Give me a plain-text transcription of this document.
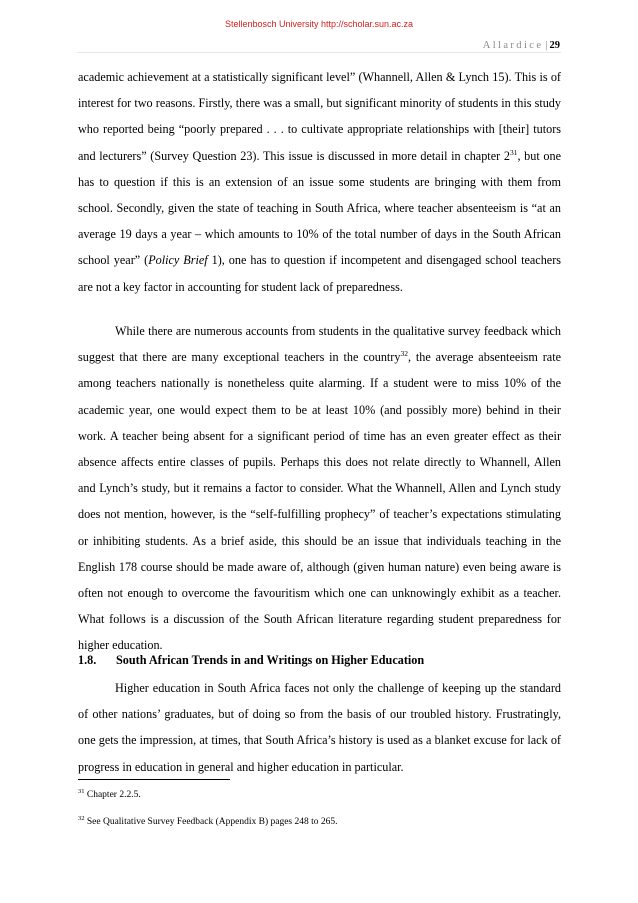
Stellenbosch University http://scholar.sun.ac.za

Allardice | 29

academic achievement at a statistically significant level” (Whannell, Allen & Lynch 15). This is of interest for two reasons. Firstly, there was a small, but significant minority of students in this study who reported being “poorly prepared . . . to cultivate appropriate relationships with [their] tutors and lecturers” (Survey Question 23). This issue is discussed in more detail in chapter $2^{31}$, but one has to question if this is an extension of an issue some students are bringing with them from school. Secondly, given the state of teaching in South Africa, where teacher absenteeism is “at an average 19 days a year – which amounts to 10% of the total number of days in the South African school year” (Policy Brief 1), one has to question if incompetent and disengaged school teachers are not a key factor in accounting for student lack of preparedness.

While there are numerous accounts from students in the qualitative survey feedback which suggest that there are many exceptional teachers in the country$^{32}$, the average absenteeism rate among teachers nationally is nonetheless quite alarming. If a student were to miss 10% of the academic year, one would expect them to be at least 10% (and possibly more) behind in their work. A teacher being absent for a significant period of time has an even greater effect as their absence affects entire classes of pupils. Perhaps this does not relate directly to Whannell, Allen and Lynch’s study, but it remains a factor to consider. What the Whannell, Allen and Lynch study does not mention, however, is the “self-fulfilling prophecy” of teacher’s expectations stimulating or inhibiting students. As a brief aside, this should be an issue that individuals teaching in the English 178 course should be made aware of, although (given human nature) even being aware is often not enough to overcome the favouritism which one can unknowingly exhibit as a teacher. What follows is a discussion of the South African literature regarding student preparedness for higher education.

1.8. South African Trends in and Writings on Higher Education

Higher education in South Africa faces not only the challenge of keeping up the standard of other nations’ graduates, but of doing so from the basis of our troubled history. Frustratingly, one gets the impression, at times, that South Africa’s history is used as a blanket excuse for lack of progress in education in general and higher education in particular.

$^{31}$ Chapter 2.2.5.

$^{32}$ See Qualitative Survey Feedback (Appendix B) pages 248 to 265.
